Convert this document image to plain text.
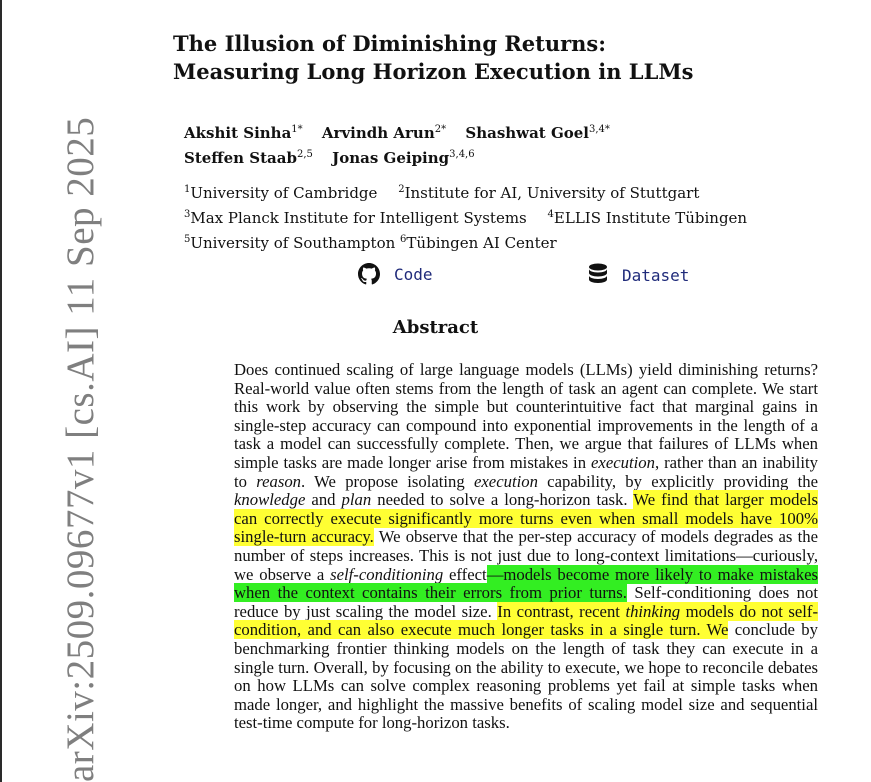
arXiv:2509.09677v1 [cs.AI] 11 Sep 2025
The Illusion of Diminishing Returns:
Measuring Long Horizon Execution in LLMs
Akshit Sinha$^{1*}$ Arvindh Arun$^{2*}$ Shashwat Goel$^{3,4*}$
Steffen Staab$^{2,5}$ Jonas Geiping$^{3,4,6}$
$^1$University of Cambridge $^2$Institute for AI, University of Stuttgart
$^3$Max Planck Institute for Intelligent Systems $^4$ELLIS Institute Tübingen
$^5$University of Southampton $^6$Tübingen AI Center
Code	Dataset
Abstract
Does continued scaling of large language models (LLMs) yield diminishing returns? Real-world value often stems from the length of task an agent can complete. We start this work by observing the simple but counterintuitive fact that marginal gains in single-step accuracy can compound into exponential improvements in the length of a task a model can successfully complete. Then, we argue that failures of LLMs when simple tasks are made longer arise from mistakes in execution, rather than an inability to reason. We propose isolating execution capability, by explicitly providing the knowledge and plan needed to solve a long-horizon task. We find that larger models can correctly execute significantly more turns even when small models have 100% single-turn accuracy. We observe that the per-step accuracy of models degrades as the number of steps increases. This is not just due to long-context limitations—curiously, we observe a self-conditioning effect—models become more likely to make mistakes when the context contains their errors from prior turns. Self-conditioning does not reduce by just scaling the model size. In contrast, recent thinking models do not self-condition, and can also execute much longer tasks in a single turn. We conclude by benchmarking frontier thinking models on the length of task they can execute in a single turn. Overall, by focusing on the ability to execute, we hope to reconcile debates on how LLMs can solve complex reasoning problems yet fail at simple tasks when made longer, and highlight the massive benefits of scaling model size and sequential test-time compute for long-horizon tasks.
